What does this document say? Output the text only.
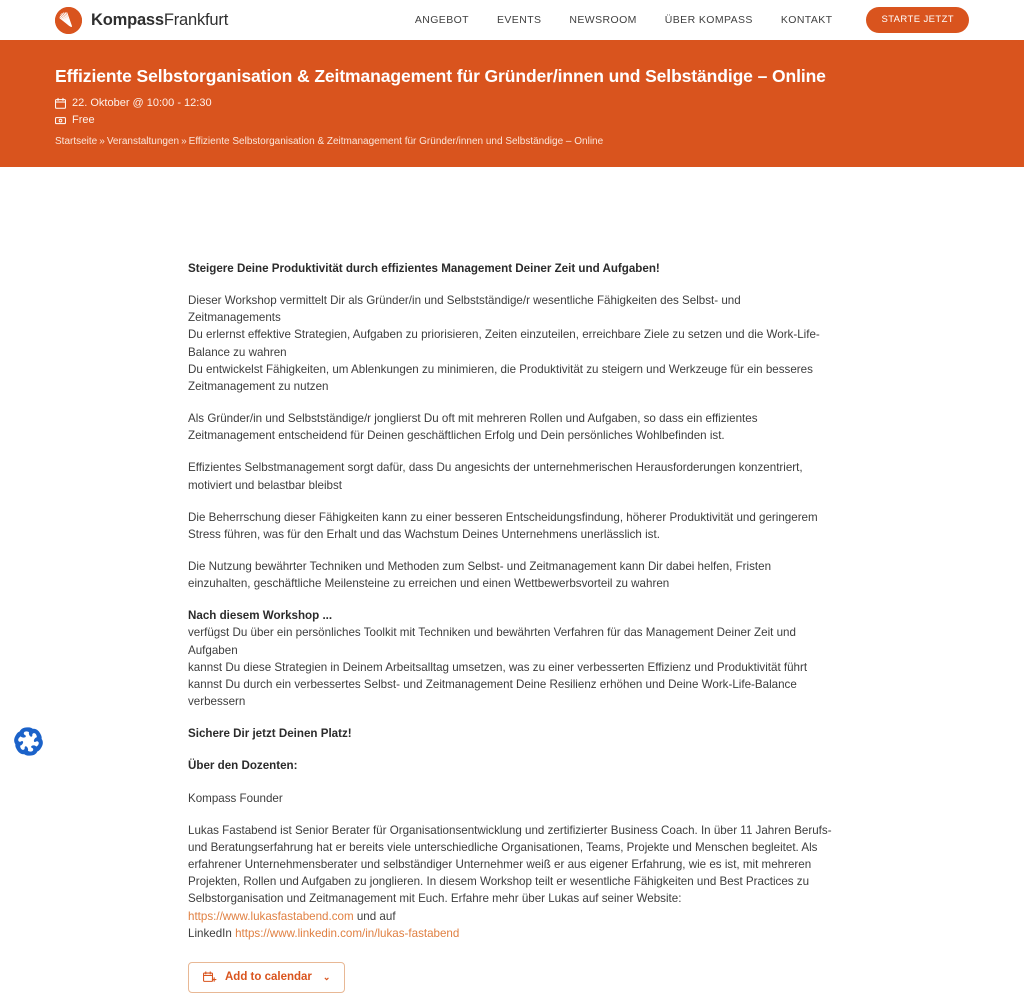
KompassFrankfurt	ANGEBOT	EVENTS	NEWSROOM	ÜBER KOMPASS	KONTAKT	STARTE JETZT
Effiziente Selbstorganisation & Zeitmanagement für Gründer/innen und Selbständige – Online
22. Oktober @ 10:00 - 12:30
Free
Startseite » Veranstaltungen » Effiziente Selbstorganisation & Zeitmanagement für Gründer/innen und Selbständige – Online

Steigere Deine Produktivität durch effizientes Management Deiner Zeit und Aufgaben!

Dieser Workshop vermittelt Dir als Gründer/in und Selbstständige/r wesentliche Fähigkeiten des Selbst- und Zeitmanagements
Du erlernst effektive Strategien, Aufgaben zu priorisieren, Zeiten einzuteilen, erreichbare Ziele zu setzen und die Work-Life-Balance zu wahren
Du entwickelst Fähigkeiten, um Ablenkungen zu minimieren, die Produktivität zu steigern und Werkzeuge für ein besseres Zeitmanagement zu nutzen

Als Gründer/in und Selbstständige/r jonglierst Du oft mit mehreren Rollen und Aufgaben, so dass ein effizientes Zeitmanagement entscheidend für Deinen geschäftlichen Erfolg und Dein persönliches Wohlbefinden ist.

Effizientes Selbstmanagement sorgt dafür, dass Du angesichts der unternehmerischen Herausforderungen konzentriert, motiviert und belastbar bleibst

Die Beherrschung dieser Fähigkeiten kann zu einer besseren Entscheidungsfindung, höherer Produktivität und geringerem Stress führen, was für den Erhalt und das Wachstum Deines Unternehmens unerlässlich ist.

Die Nutzung bewährter Techniken und Methoden zum Selbst- und Zeitmanagement kann Dir dabei helfen, Fristen einzuhalten, geschäftliche Meilensteine zu erreichen und einen Wettbewerbsvorteil zu wahren

Nach diesem Workshop ...
verfügst Du über ein persönliches Toolkit mit Techniken und bewährten Verfahren für das Management Deiner Zeit und Aufgaben
kannst Du diese Strategien in Deinem Arbeitsalltag umsetzen, was zu einer verbesserten Effizienz und Produktivität führt
kannst Du durch ein verbessertes Selbst- und Zeitmanagement Deine Resilienz erhöhen und Deine Work-Life-Balance verbessern

Sichere Dir jetzt Deinen Platz!

Über den Dozenten:

Kompass Founder

Lukas Fastabend ist Senior Berater für Organisationsentwicklung und zertifizierter Business Coach. In über 11 Jahren Berufs- und Beratungserfahrung hat er bereits viele unterschiedliche Organisationen, Teams, Projekte und Menschen begleitet. Als erfahrener Unternehmensberater und selbständiger Unternehmer weiß er aus eigener Erfahrung, wie es ist, mit mehreren Projekten, Rollen und Aufgaben zu jonglieren. In diesem Workshop teilt er wesentliche Fähigkeiten und Best Practices zu Selbstorganisation und Zeitmanagement mit Euch. Erfahre mehr über Lukas auf seiner Website: https://www.lukasfastabend.com und auf
LinkedIn https://www.linkedin.com/in/lukas-fastabend

Add to calendar ⌄
